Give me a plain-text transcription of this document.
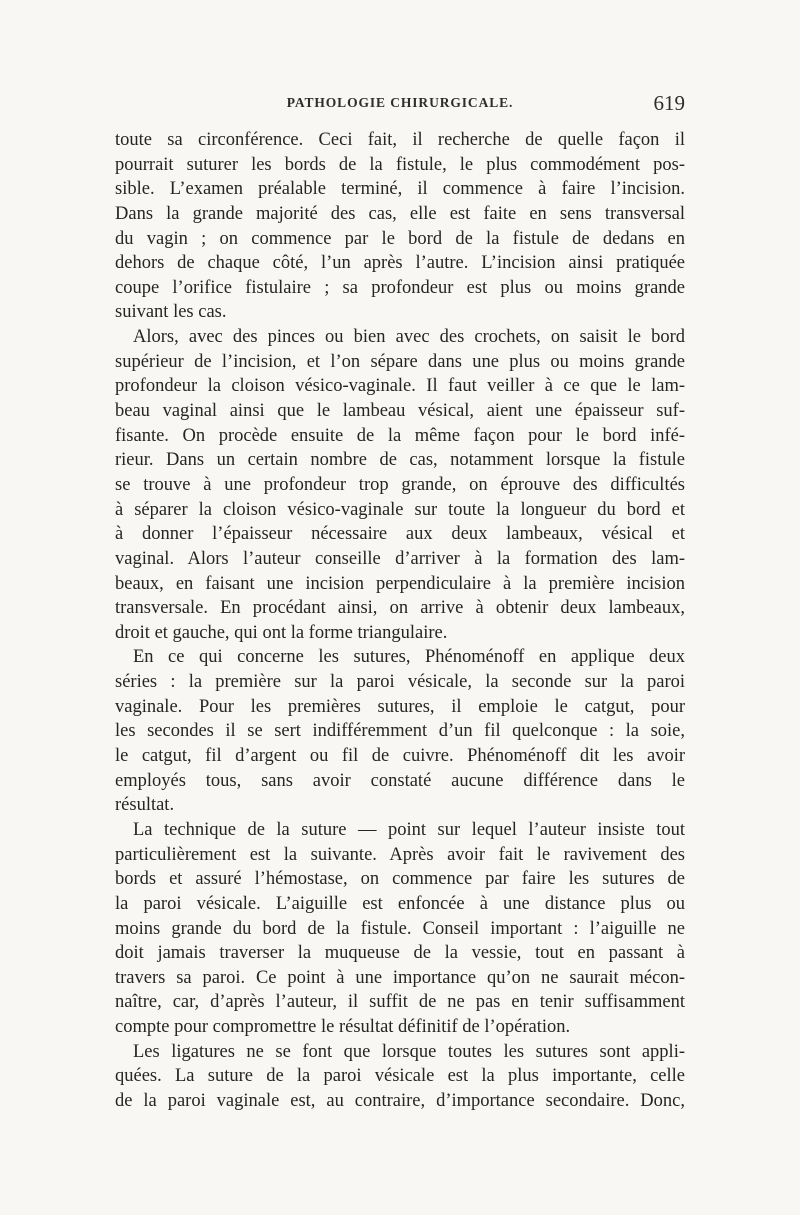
PATHOLOGIE CHIRURGICALE.	619
toute sa circonférence. Ceci fait, il recherche de quelle façon il
pourrait suturer les bords de la fistule, le plus commodément pos-
sible. L’examen préalable terminé, il commence à faire l’incision.
Dans la grande majorité des cas, elle est faite en sens transversal
du vagin ; on commence par le bord de la fistule de dedans en
dehors de chaque côté, l’un après l’autre. L’incision ainsi pratiquée
coupe l’orifice fistulaire ; sa profondeur est plus ou moins grande
suivant les cas.
Alors, avec des pinces ou bien avec des crochets, on saisit le bord
supérieur de l’incision, et l’on sépare dans une plus ou moins grande
profondeur la cloison vésico-vaginale. Il faut veiller à ce que le lam-
beau vaginal ainsi que le lambeau vésical, aient une épaisseur suf-
fisante. On procède ensuite de la même façon pour le bord infé-
rieur. Dans un certain nombre de cas, notamment lorsque la fistule
se trouve à une profondeur trop grande, on éprouve des difficultés
à séparer la cloison vésico-vaginale sur toute la longueur du bord et
à donner l’épaisseur nécessaire aux deux lambeaux, vésical et
vaginal. Alors l’auteur conseille d’arriver à la formation des lam-
beaux, en faisant une incision perpendiculaire à la première incision
transversale. En procédant ainsi, on arrive à obtenir deux lambeaux,
droit et gauche, qui ont la forme triangulaire.
En ce qui concerne les sutures, Phénoménoff en applique deux
séries : la première sur la paroi vésicale, la seconde sur la paroi
vaginale. Pour les premières sutures, il emploie le catgut, pour
les secondes il se sert indifféremment d’un fil quelconque : la soie,
le catgut, fil d’argent ou fil de cuivre. Phénoménoff dit les avoir
employés tous, sans avoir constaté aucune différence dans le
résultat.
La technique de la suture — point sur lequel l’auteur insiste tout
particulièrement est la suivante. Après avoir fait le ravivement des
bords et assuré l’hémostase, on commence par faire les sutures de
la paroi vésicale. L’aiguille est enfoncée à une distance plus ou
moins grande du bord de la fistule. Conseil important : l’aiguille ne
doit jamais traverser la muqueuse de la vessie, tout en passant à
travers sa paroi. Ce point à une importance qu’on ne saurait mécon-
naître, car, d’après l’auteur, il suffit de ne pas en tenir suffisamment
compte pour compromettre le résultat définitif de l’opération.
Les ligatures ne se font que lorsque toutes les sutures sont appli-
quées. La suture de la paroi vésicale est la plus importante, celle
de la paroi vaginale est, au contraire, d’importance secondaire. Donc,
